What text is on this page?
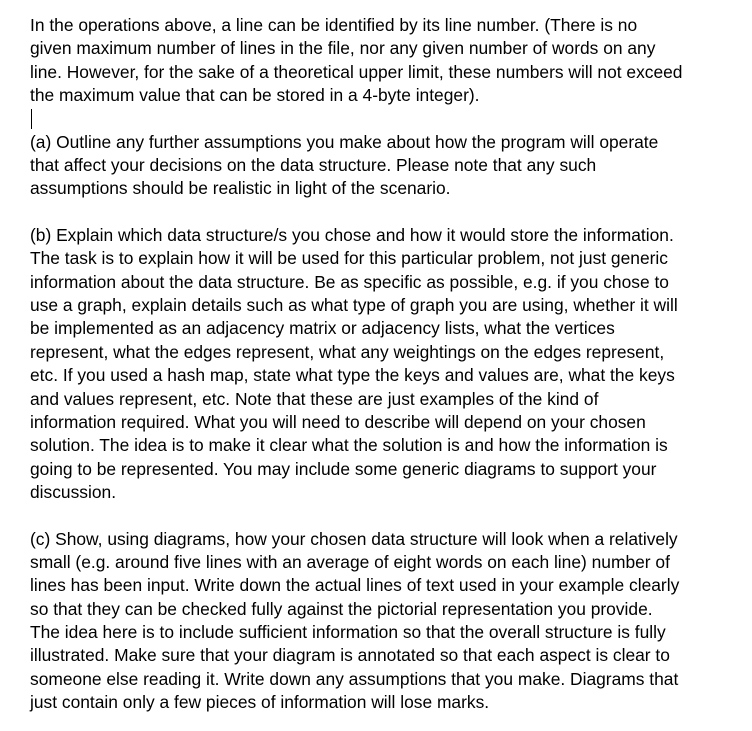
In the operations above, a line can be identified by its line number. (There is no
given maximum number of lines in the file, nor any given number of words on any
line. However, for the sake of a theoretical upper limit, these numbers will not exceed
the maximum value that can be stored in a 4-byte integer).

(a) Outline any further assumptions you make about how the program will operate
that affect your decisions on the data structure. Please note that any such
assumptions should be realistic in light of the scenario.

(b) Explain which data structure/s you chose and how it would store the information.
The task is to explain how it will be used for this particular problem, not just generic
information about the data structure. Be as specific as possible, e.g. if you chose to
use a graph, explain details such as what type of graph you are using, whether it will
be implemented as an adjacency matrix or adjacency lists, what the vertices
represent, what the edges represent, what any weightings on the edges represent,
etc. If you used a hash map, state what type the keys and values are, what the keys
and values represent, etc. Note that these are just examples of the kind of
information required. What you will need to describe will depend on your chosen
solution. The idea is to make it clear what the solution is and how the information is
going to be represented. You may include some generic diagrams to support your
discussion.

(c) Show, using diagrams, how your chosen data structure will look when a relatively
small (e.g. around five lines with an average of eight words on each line) number of
lines has been input. Write down the actual lines of text used in your example clearly
so that they can be checked fully against the pictorial representation you provide.
The idea here is to include sufficient information so that the overall structure is fully
illustrated. Make sure that your diagram is annotated so that each aspect is clear to
someone else reading it. Write down any assumptions that you make. Diagrams that
just contain only a few pieces of information will lose marks.
